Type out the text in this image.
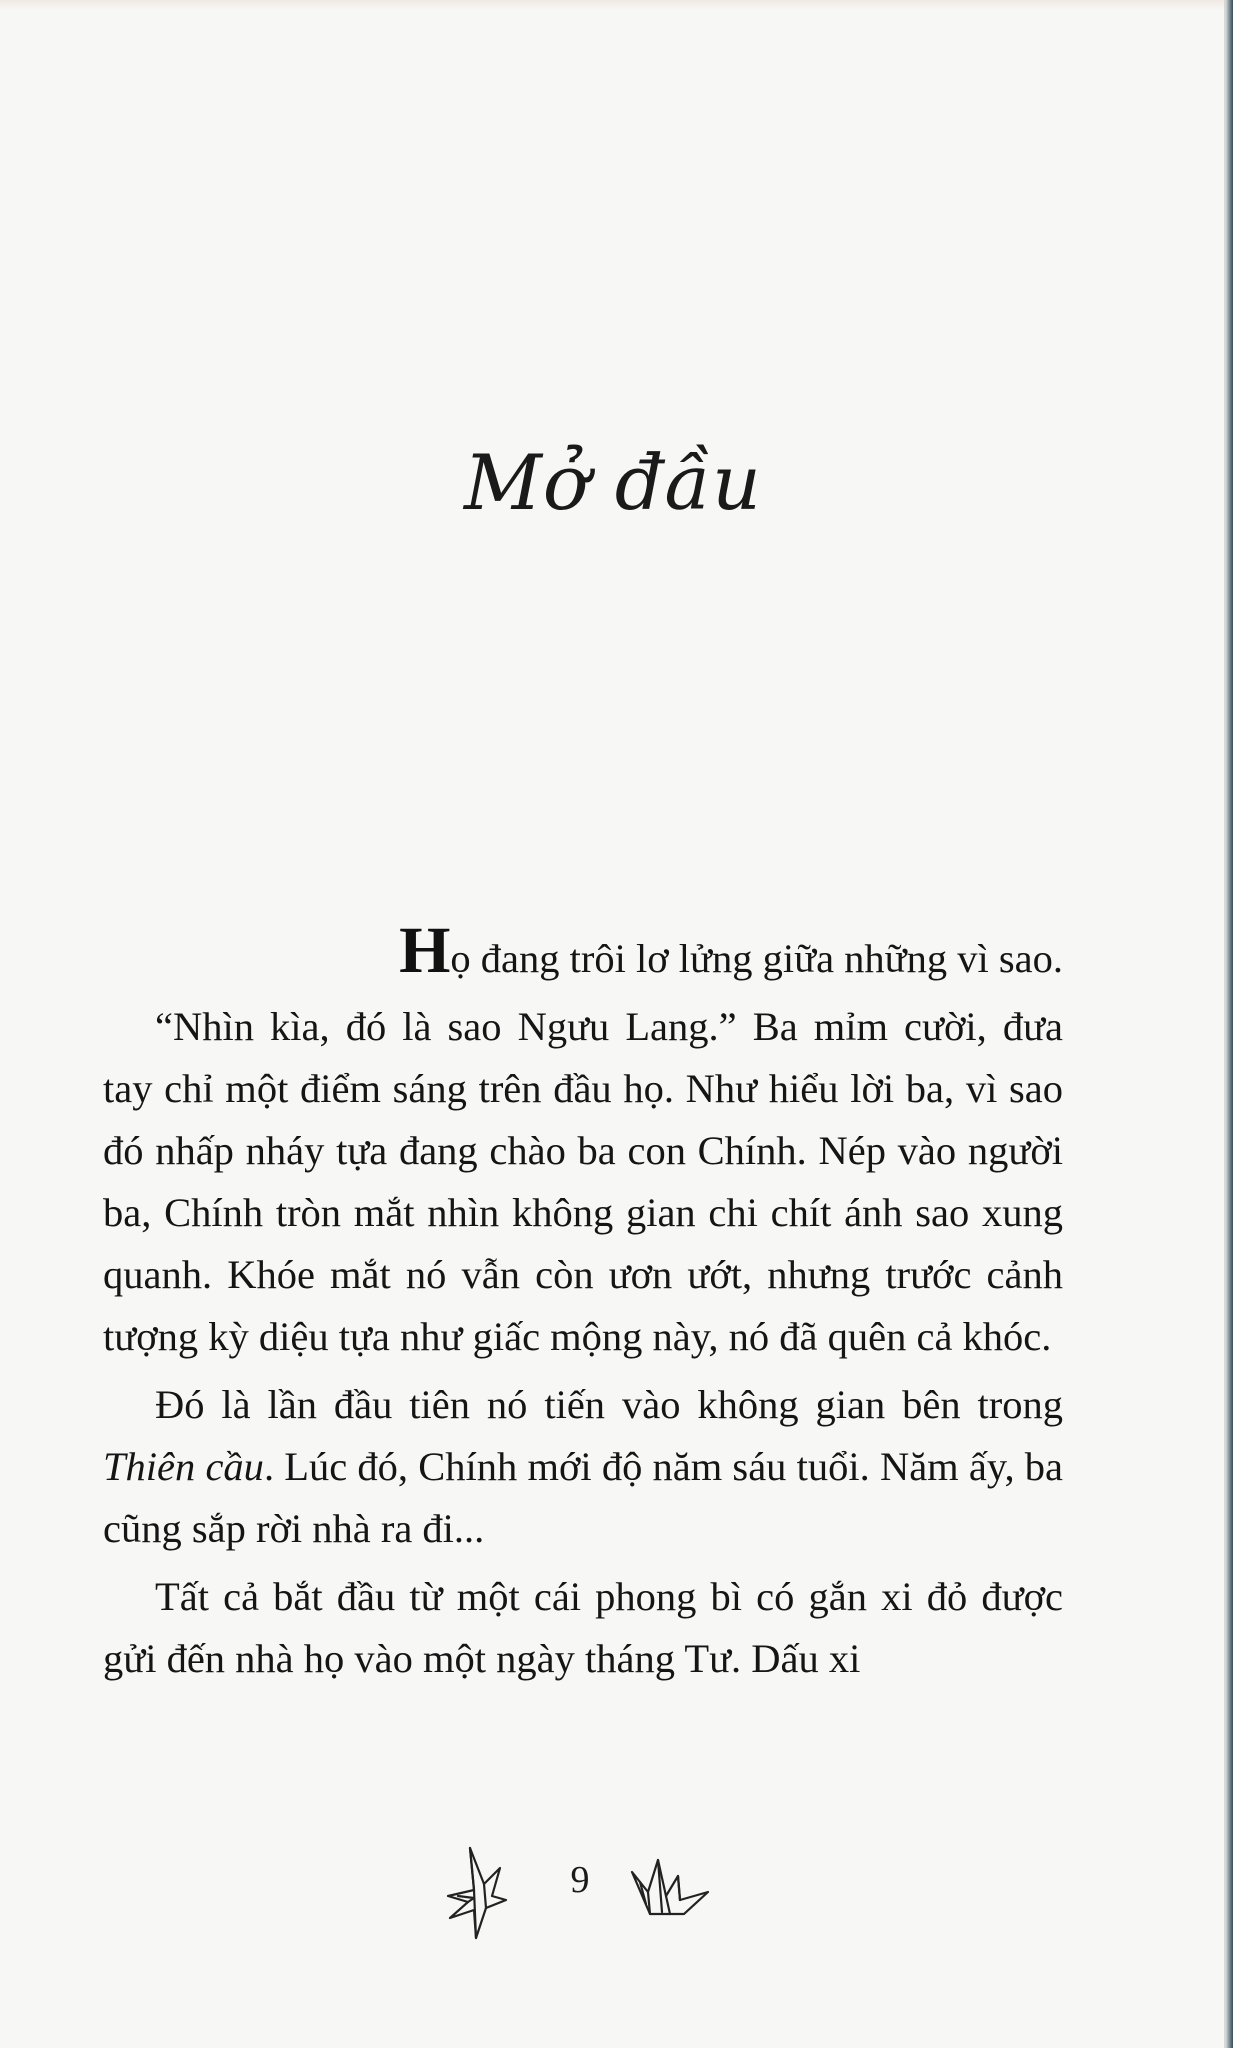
Mở đầu

Họ đang trôi lơ lửng giữa những vì sao.

“Nhìn kìa, đó là sao Ngưu Lang.” Ba mỉm cười, đưa tay chỉ một điểm sáng trên đầu họ. Như hiểu lời ba, vì sao đó nhấp nháy tựa đang chào ba con Chính. Nép vào người ba, Chính tròn mắt nhìn không gian chi chít ánh sao xung quanh. Khóe mắt nó vẫn còn ươn ướt, nhưng trước cảnh tượng kỳ diệu tựa như giấc mộng này, nó đã quên cả khóc.

Đó là lần đầu tiên nó tiến vào không gian bên trong Thiên cầu. Lúc đó, Chính mới độ năm sáu tuổi. Năm ấy, ba cũng sắp rời nhà ra đi...

Tất cả bắt đầu từ một cái phong bì có gắn xi đỏ được gửi đến nhà họ vào một ngày tháng Tư. Dấu xi

9
